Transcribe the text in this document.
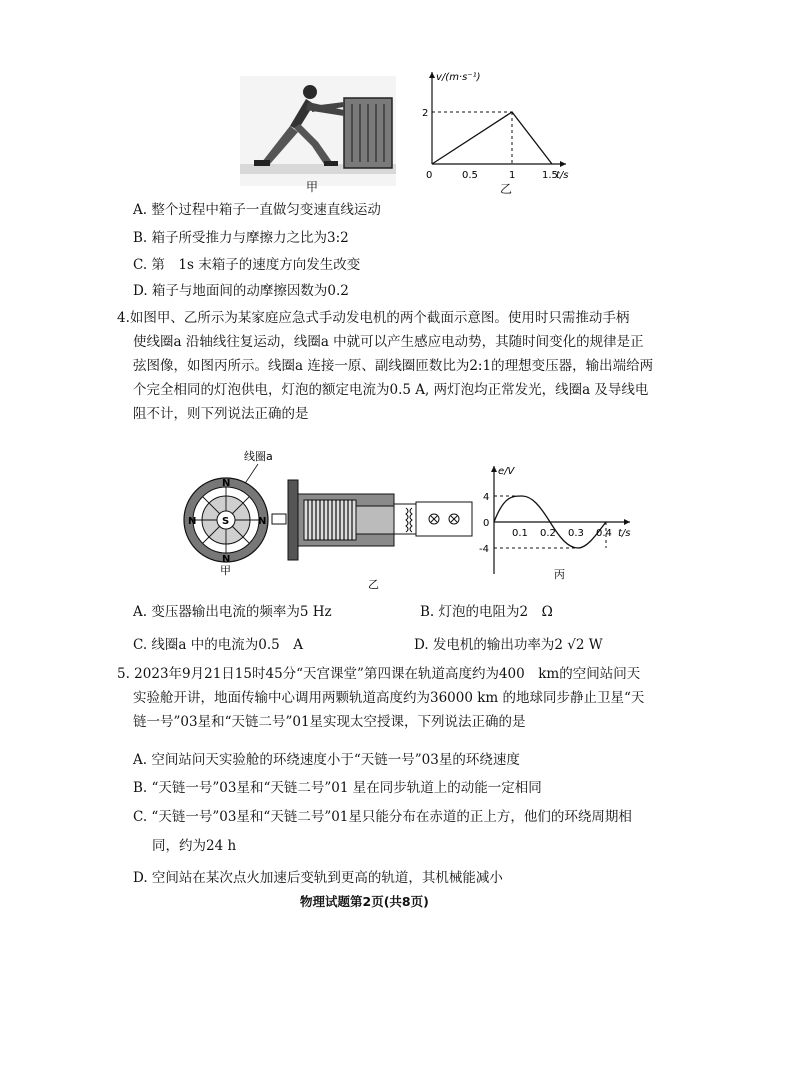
甲
v/(m·s⁻¹)
t/s
2
0	0.5	1	1.5
乙
A. 整个过程中箱子一直做匀变速直线运动
B. 箱子所受推力与摩擦力之比为3:2
C. 第　1s 末箱子的速度方向发生改变
D. 箱子与地面间的动摩擦因数为0.2
4.如图甲、乙所示为某家庭应急式手动发电机的两个截面示意图。使用时只需推动手柄
使线圈a 沿轴线往复运动，线圈a 中就可以产生感应电动势，其随时间变化的规律是正
弦图像，如图丙所示。线圈a 连接一原、副线圈匝数比为2:1的理想变压器，输出端给两
个完全相同的灯泡供电，灯泡的额定电流为0.5 A, 两灯泡均正常发光，线圈a 及导线电
阻不计，则下列说法正确的是
线圈a
N
N	N
N
S
甲
乙
e/V
t/s
4
0
-4
0.1 0.2 0.3 0.4
丙
A. 变压器输出电流的频率为5 Hz	B. 灯泡的电阻为2　Ω
C. 线圈a 中的电流为0.5　A	D. 发电机的输出功率为2 √2 W
5. 2023年9月21日15时45分“天宫课堂”第四课在轨道高度约为400　km的空间站问天
实验舱开讲，地面传输中心调用两颗轨道高度约为36000 km 的地球同步静止卫星“天
链一号”03星和“天链二号”01星实现太空授课，下列说法正确的是
A. 空间站问天实验舱的环绕速度小于“天链一号”03星的环绕速度
B. “天链一号”03星和“天链二号”01 星在同步轨道上的动能一定相同
C. “天链一号”03星和“天链二号”01星只能分布在赤道的正上方，他们的环绕周期相
同，约为24 h
D. 空间站在某次点火加速后变轨到更高的轨道，其机械能减小
物理试题第2页(共8页)
